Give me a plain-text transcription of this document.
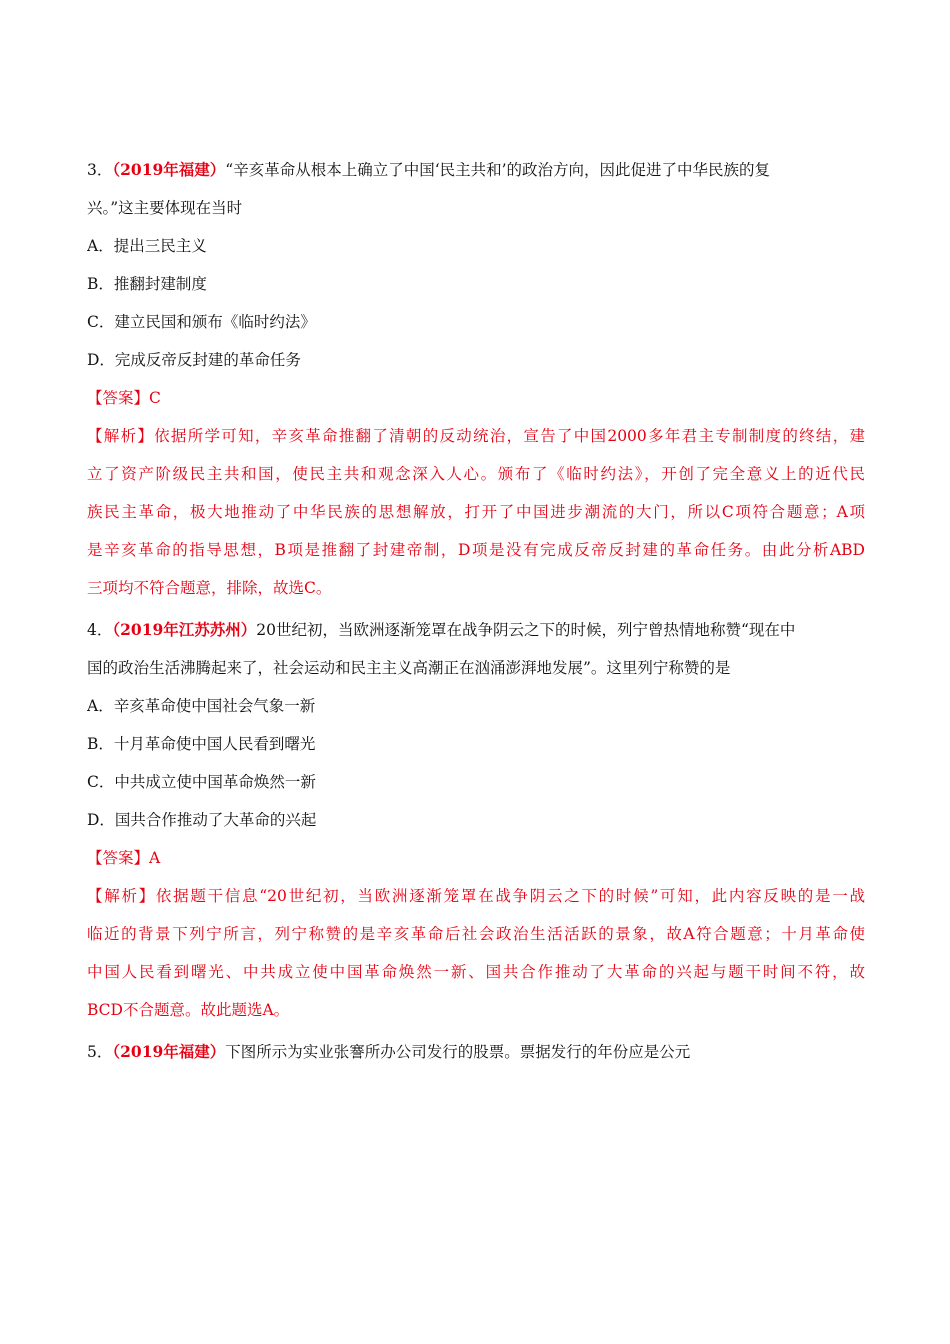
3．（2019年福建）“辛亥革命从根本上确立了中国‘民主共和’的政治方向，因此促进了中华民族的复
兴。”这主要体现在当时
A．提出三民主义
B．推翻封建制度
C．建立民国和颁布《临时约法》
D．完成反帝反封建的革命任务
【答案】C
【解析】依据所学可知，辛亥革命推翻了清朝的反动统治，宣告了中国2000多年君主专制制度的终结，建
立了资产阶级民主共和国，使民主共和观念深入人心。颁布了《临时约法》，开创了完全意义上的近代民
族民主革命，极大地推动了中华民族的思想解放，打开了中国进步潮流的大门，所以C项符合题意；A项
是辛亥革命的指导思想，B项是推翻了封建帝制，D项是没有完成反帝反封建的革命任务。由此分析ABD
三项均不符合题意，排除，故选C。
4．（2019年江苏苏州）20世纪初，当欧洲逐渐笼罩在战争阴云之下的时候，列宁曾热情地称赞“现在中
国的政治生活沸腾起来了，社会运动和民主主义高潮正在汹涌澎湃地发展”。这里列宁称赞的是
A．辛亥革命使中国社会气象一新
B．十月革命使中国人民看到曙光
C．中共成立使中国革命焕然一新
D．国共合作推动了大革命的兴起
【答案】A
【解析】依据题干信息“20世纪初，当欧洲逐渐笼罩在战争阴云之下的时候”可知，此内容反映的是一战
临近的背景下列宁所言，列宁称赞的是辛亥革命后社会政治生活活跃的景象，故A符合题意；十月革命使
中国人民看到曙光、中共成立使中国革命焕然一新、国共合作推动了大革命的兴起与题干时间不符，故
BCD不合题意。故此题选A。
5．（2019年福建）下图所示为实业张謇所办公司发行的股票。票据发行的年份应是公元
